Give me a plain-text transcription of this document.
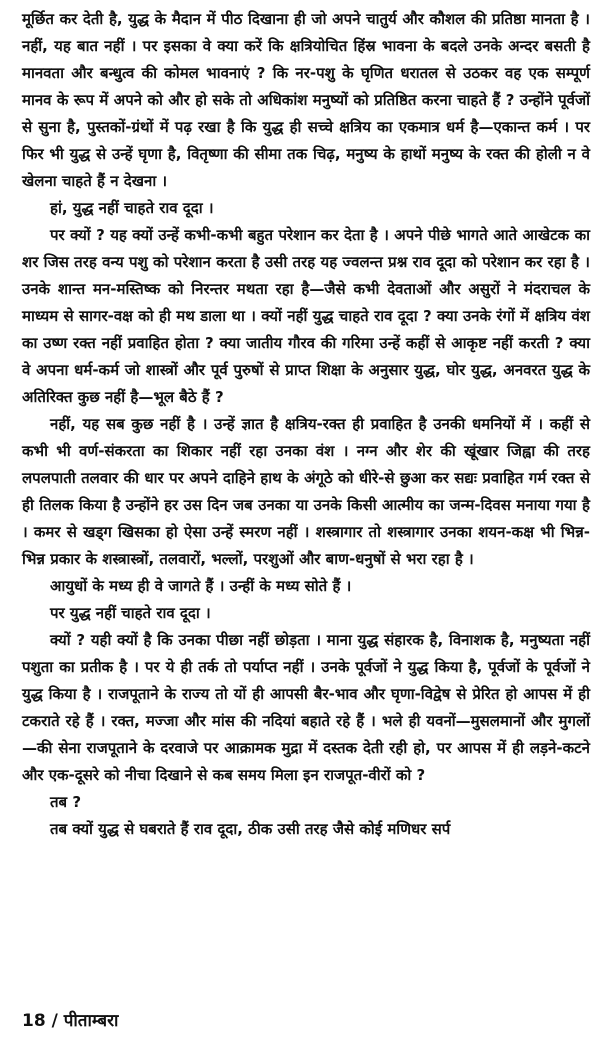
मूर्छित कर देती है, युद्ध के मैदान में पीठ दिखाना ही जो अपने चातुर्य और कौशल की प्रतिष्ठा मानता है । नहीं, यह बात नहीं । पर इसका वे क्या करें कि क्षत्रियोचित हिंस्र भावना के बदले उनके अन्दर बसती है मानवता और बन्धुत्व की कोमल भावनाएं ? कि नर-पशु के घृणित धरातल से उठकर वह एक सम्पूर्ण मानव के रूप में अपने को और हो सके तो अधिकांश मनुष्यों को प्रतिष्ठित करना चाहते हैं ? उन्होंने पूर्वजों से सुना है, पुस्तकों-ग्रंथों में पढ़ रखा है कि युद्ध ही सच्चे क्षत्रिय का एकमात्र धर्म है—एकान्त कर्म । पर फिर भी युद्ध से उन्हें घृणा है, वितृष्णा की सीमा तक चिढ़, मनुष्य के हाथों मनुष्य के रक्त की होली न वे खेलना चाहते हैं न देखना ।

हां, युद्ध नहीं चाहते राव दूदा ।

पर क्यों ? यह क्यों उन्हें कभी-कभी बहुत परेशान कर देता है । अपने पीछे भागते आते आखेटक का शर जिस तरह वन्य पशु को परेशान करता है उसी तरह यह ज्वलन्त प्रश्न राव दूदा को परेशान कर रहा है । उनके शान्त मन-मस्तिष्क को निरन्तर मथता रहा है—जैसे कभी देवताओं और असुरों ने मंदराचल के माध्यम से सागर-वक्ष को ही मथ डाला था । क्यों नहीं युद्ध चाहते राव दूदा ? क्या उनके रंगों में क्षत्रिय वंश का उष्ण रक्त नहीं प्रवाहित होता ? क्या जातीय गौरव की गरिमा उन्हें कहीं से आकृष्ट नहीं करती ? क्या वे अपना धर्म-कर्म जो शास्त्रों और पूर्व पुरुषों से प्राप्त शिक्षा के अनुसार युद्ध, घोर युद्ध, अनवरत युद्ध के अतिरिक्त कुछ नहीं है—भूल बैठे हैं ?

नहीं, यह सब कुछ नहीं है । उन्हें ज्ञात है क्षत्रिय-रक्त ही प्रवाहित है उनकी धमनियों में । कहीं से कभी भी वर्ण-संकरता का शिकार नहीं रहा उनका वंश । नग्न और शेर की खूंखार जिह्वा की तरह लपलपाती तलवार की धार पर अपने दाहिने हाथ के अंगूठे को धीरे-से छुआ कर सद्यः प्रवाहित गर्म रक्त से ही तिलक किया है उन्होंने हर उस दिन जब उनका या उनके किसी आत्मीय का जन्म-दिवस मनाया गया है । कमर से खड्ग खिसका हो ऐसा उन्हें स्मरण नहीं । शस्त्रागार तो शस्त्रागार उनका शयन-कक्ष भी भिन्न-भिन्न प्रकार के शस्त्रास्त्रों, तलवारों, भल्लों, परशुओं और बाण-धनुषों से भरा रहा है ।

आयुधों के मध्य ही वे जागते हैं । उन्हीं के मध्य सोते हैं ।

पर युद्ध नहीं चाहते राव दूदा ।

क्यों ? यही क्यों है कि उनका पीछा नहीं छोड़ता । माना युद्ध संहारक है, विनाशक है, मनुष्यता नहीं पशुता का प्रतीक है । पर ये ही तर्क तो पर्याप्त नहीं । उनके पूर्वजों ने युद्ध किया है, पूर्वजों के पूर्वजों ने युद्ध किया है । राजपूताने के राज्य तो यों ही आपसी बैर-भाव और घृणा-विद्वेष से प्रेरित हो आपस में ही टकराते रहे हैं । रक्त, मज्जा और मांस की नदियां बहाते रहे हैं । भले ही यवनों—मुसलमानों और मुगलों—की सेना राजपूताने के दरवाजे पर आक्रामक मुद्रा में दस्तक देती रही हो, पर आपस में ही लड़ने-कटने और एक-दूसरे को नीचा दिखाने से कब समय मिला इन राजपूत-वीरों को ?

तब ?

तब क्यों युद्ध से घबराते हैं राव दूदा, ठीक उसी तरह जैसे कोई मणिधर सर्प

18 / पीताम्बरा
